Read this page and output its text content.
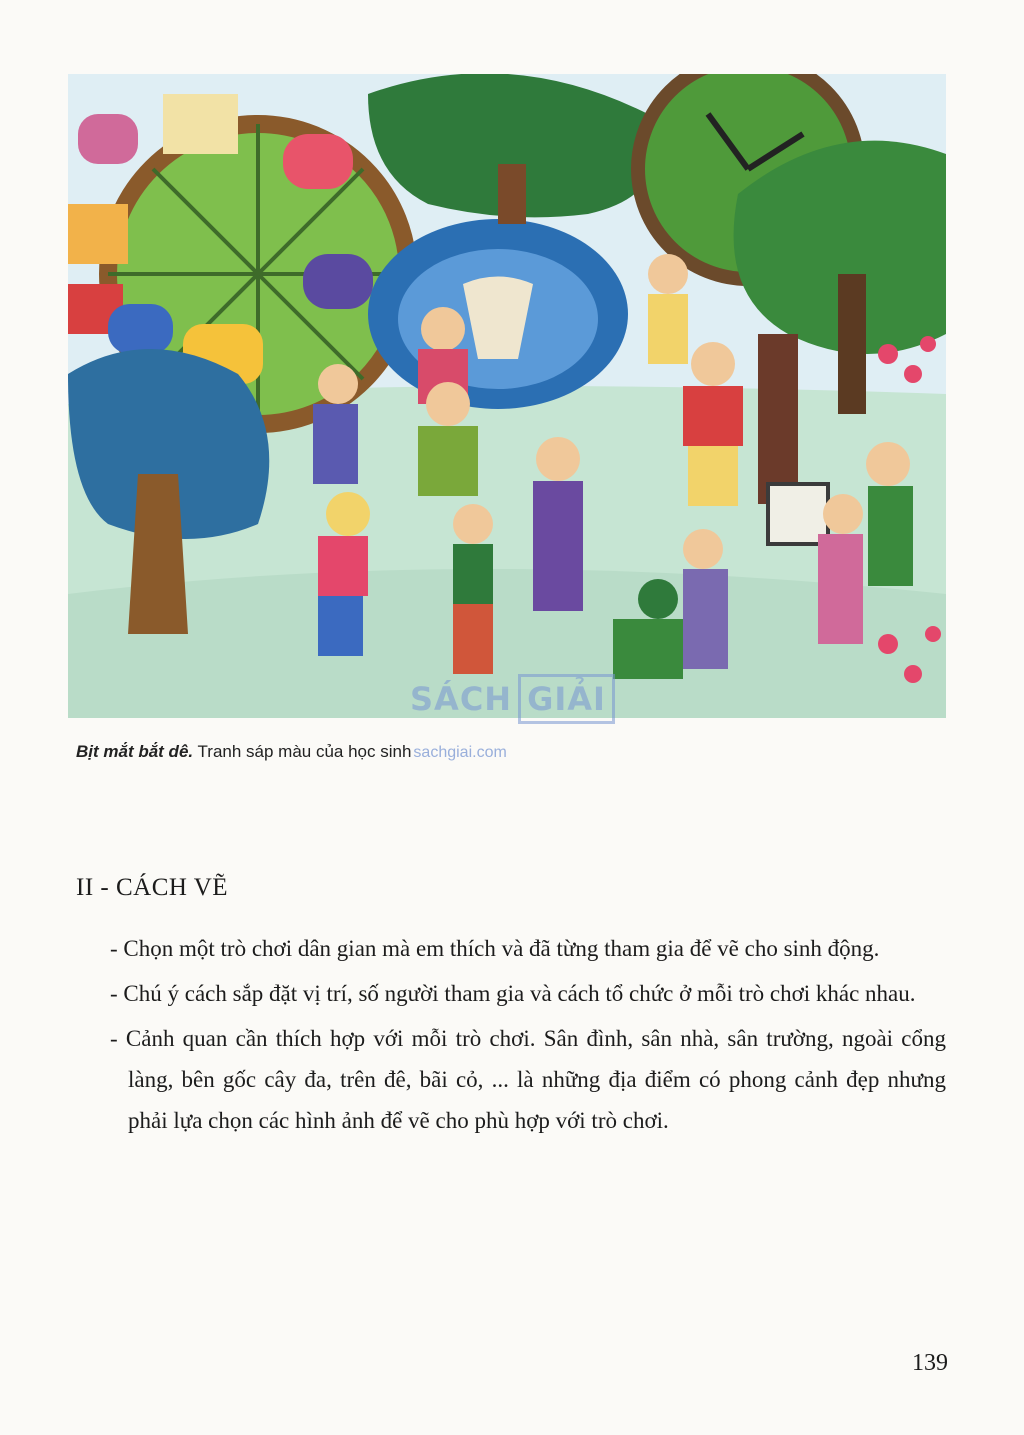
SÁCH GIẢI
Bịt mắt bắt dê. Tranh sáp màu của học sinh sachgiai.com
II - CÁCH VẼ

- Chọn một trò chơi dân gian mà em thích và đã từng tham gia để vẽ cho sinh động.

- Chú ý cách sắp đặt vị trí, số người tham gia và cách tổ chức ở mỗi trò chơi khác nhau.

- Cảnh quan cần thích hợp với mỗi trò chơi. Sân đình, sân nhà, sân trường, ngoài cổng làng, bên gốc cây đa, trên đê, bãi cỏ, ... là những địa điểm có phong cảnh đẹp nhưng phải lựa chọn các hình ảnh để vẽ cho phù hợp với trò chơi.

139
